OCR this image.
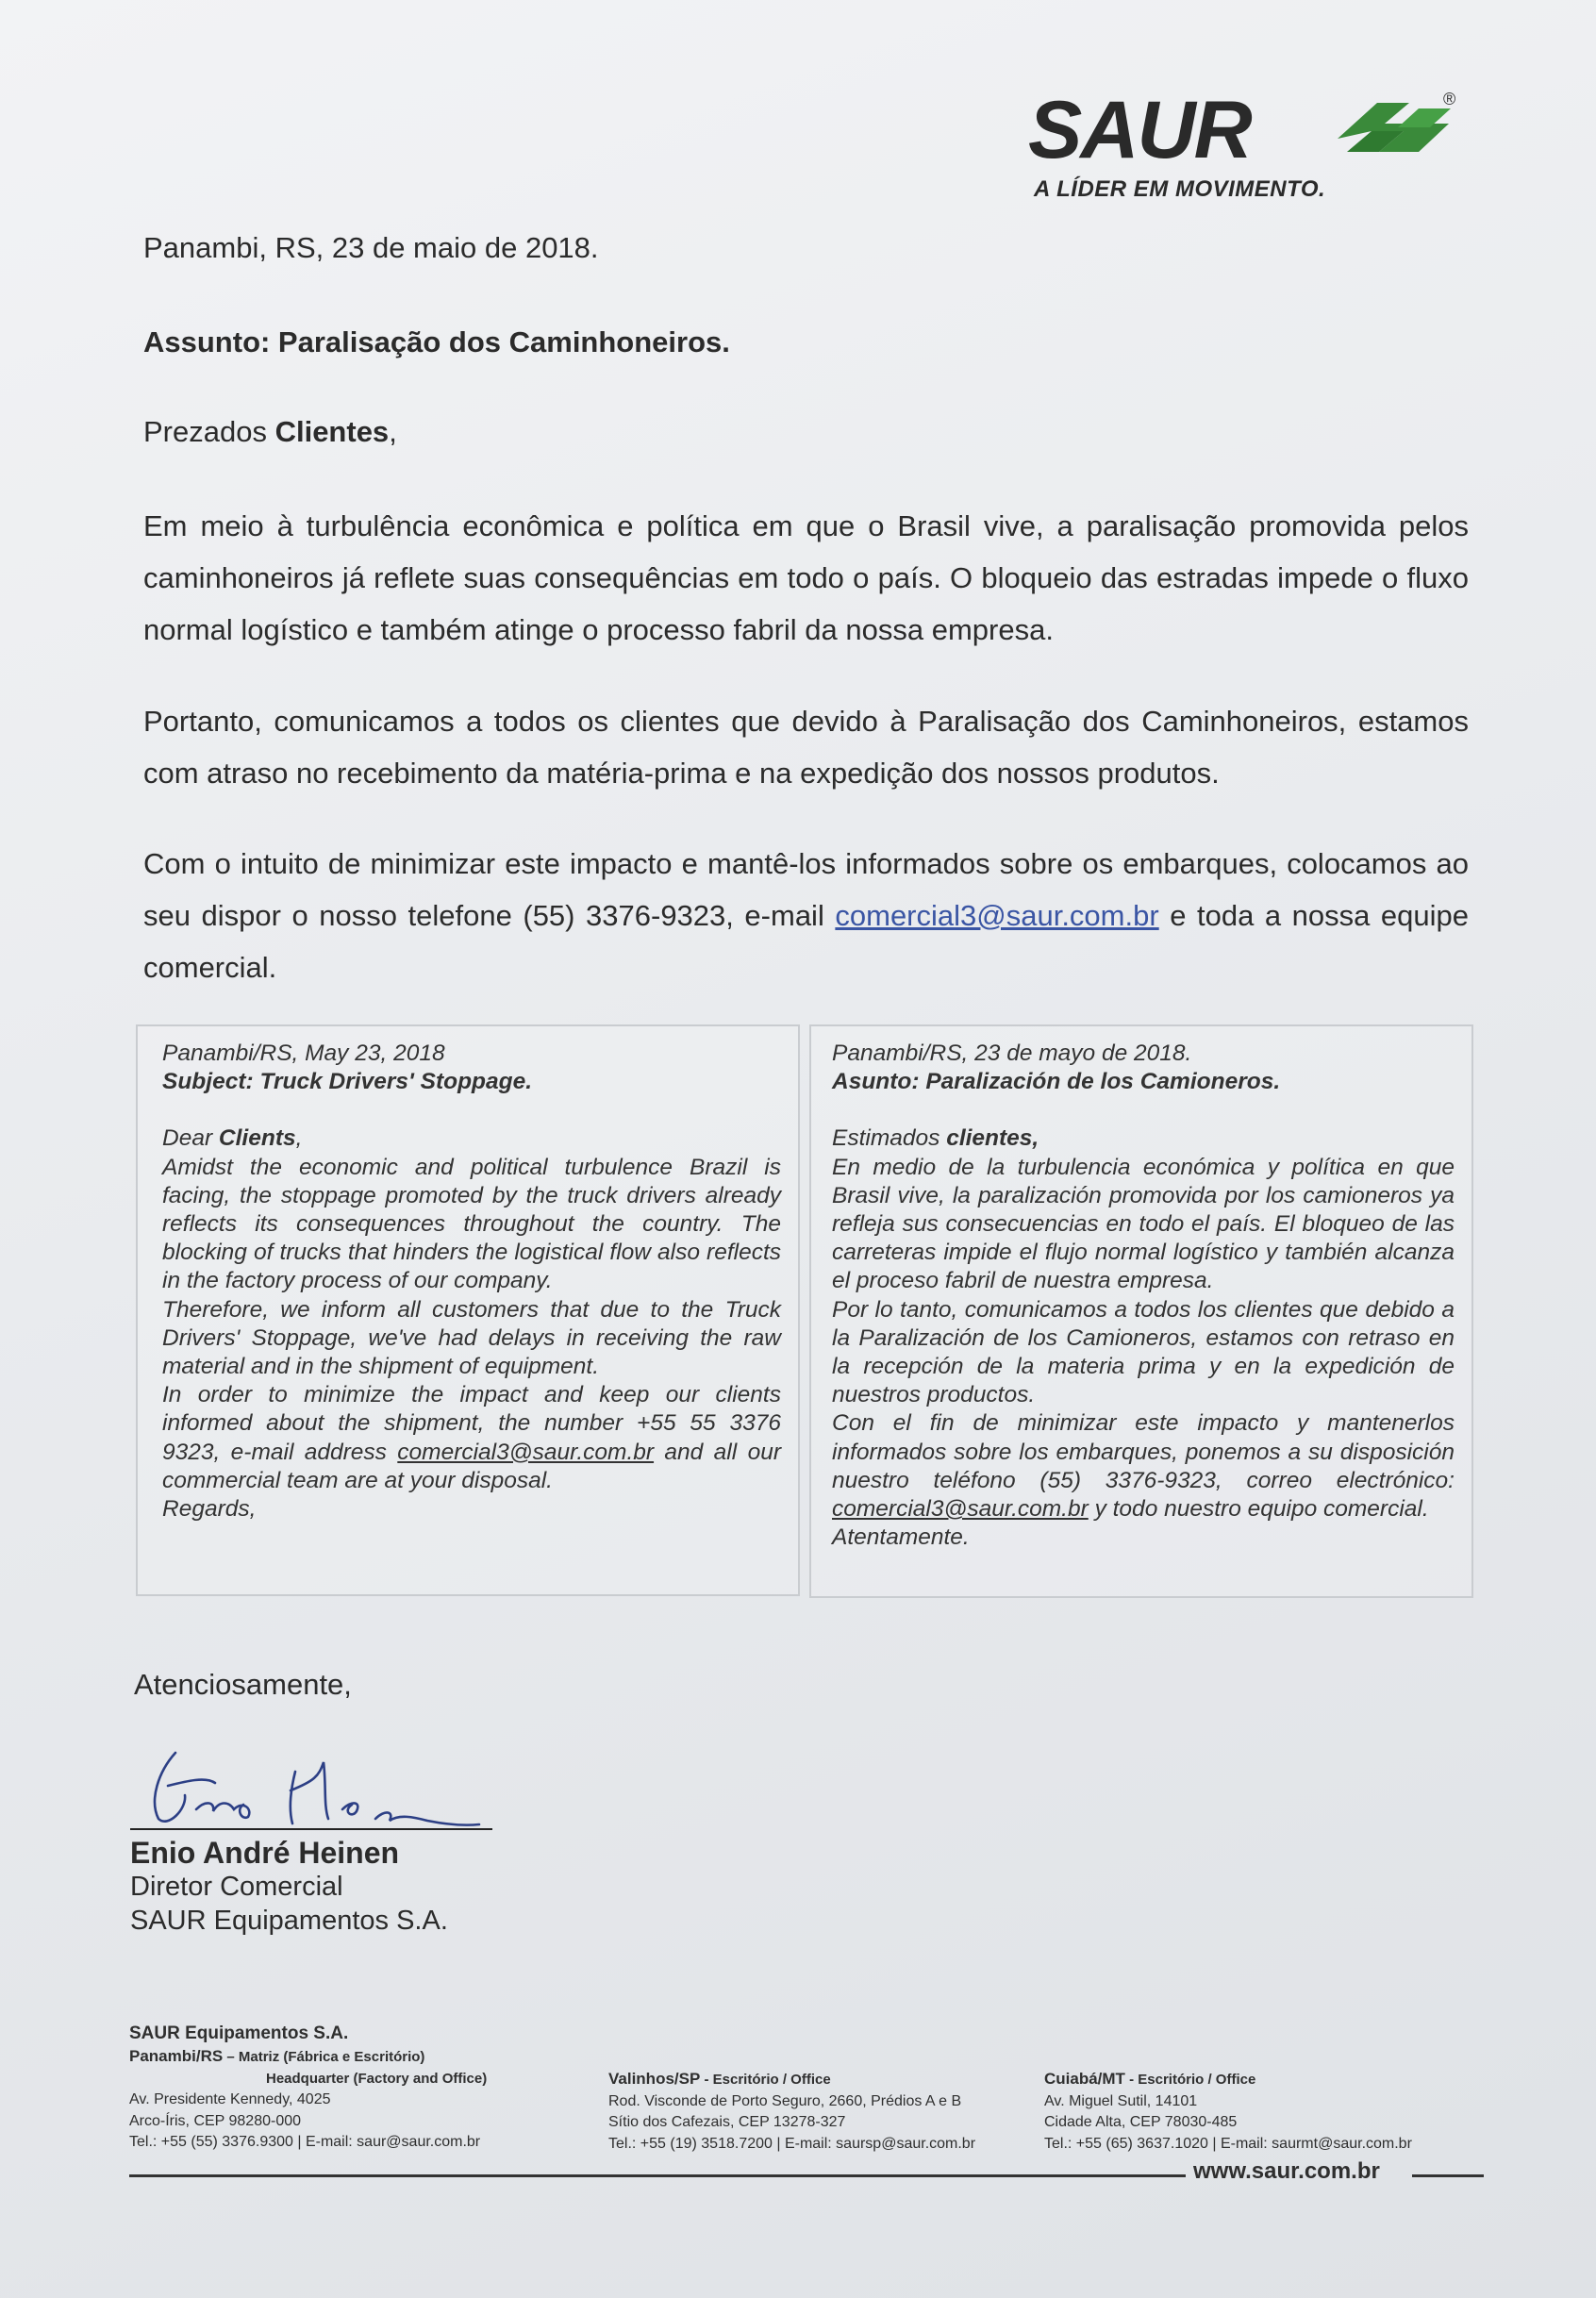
SAUR	®
A LÍDER EM MOVIMENTO.
Panambi, RS, 23 de maio de 2018.
Assunto: Paralisação dos Caminhoneiros.
Prezados Clientes,
Em meio à turbulência econômica e política em que o Brasil vive, a paralisação promovida pelos caminhoneiros já reflete suas consequências em todo o país. O bloqueio das estradas impede o fluxo normal logístico e também atinge o processo fabril da nossa empresa.
Portanto, comunicamos a todos os clientes que devido à Paralisação dos Caminhoneiros, estamos com atraso no recebimento da matéria-prima e na expedição dos nossos produtos.
Com o intuito de minimizar este impacto e mantê-los informados sobre os embarques, colocamos ao seu dispor o nosso telefone (55) 3376-9323, e-mail comercial3@saur.com.br e toda a nossa equipe comercial.
Panambi/RS, May 23, 2018
Subject: Truck Drivers' Stoppage.
Dear Clients,
Amidst the economic and political turbulence Brazil is facing, the stoppage promoted by the truck drivers already reflects its consequences throughout the country. The blocking of trucks that hinders the logistical flow also reflects in the factory process of our company.
Therefore, we inform all customers that due to the Truck Drivers' Stoppage, we've had delays in receiving the raw material and in the shipment of equipment.
In order to minimize the impact and keep our clients informed about the shipment, the number +55 55 3376 9323, e-mail address comercial3@saur.com.br and all our commercial team are at your disposal.
Regards,
Panambi/RS, 23 de mayo de 2018.
Asunto: Paralización de los Camioneros.
Estimados clientes,
En medio de la turbulencia económica y política en que Brasil vive, la paralización promovida por los camioneros ya refleja sus consecuencias en todo el país. El bloqueo de las carreteras impide el flujo normal logístico y también alcanza el proceso fabril de nuestra empresa.
Por lo tanto, comunicamos a todos los clientes que debido a la Paralización de los Camioneros, estamos con retraso en la recepción de la materia prima y en la expedición de nuestros productos.
Con el fin de minimizar este impacto y mantenerlos informados sobre los embarques, ponemos a su disposición nuestro teléfono (55) 3376-9323, correo electrónico: comercial3@saur.com.br y todo nuestro equipo comercial.
Atentamente.
Atenciosamente,
Enio André Heinen
Diretor Comercial
SAUR Equipamentos S.A.
SAUR Equipamentos S.A.
Panambi/RS – Matriz (Fábrica e Escritório)
Headquarter (Factory and Office)
Av. Presidente Kennedy, 4025
Arco-Íris, CEP 98280-000
Tel.: +55 (55) 3376.9300 | E-mail: saur@saur.com.br
Valinhos/SP - Escritório / Office
Rod. Visconde de Porto Seguro, 2660, Prédios A e B
Sítio dos Cafezais, CEP 13278-327
Tel.: +55 (19) 3518.7200 | E-mail: saursp@saur.com.br
Cuiabá/MT - Escritório / Office
Av. Miguel Sutil, 14101
Cidade Alta, CEP 78030-485
Tel.: +55 (65) 3637.1020 | E-mail: saurmt@saur.com.br
www.saur.com.br
